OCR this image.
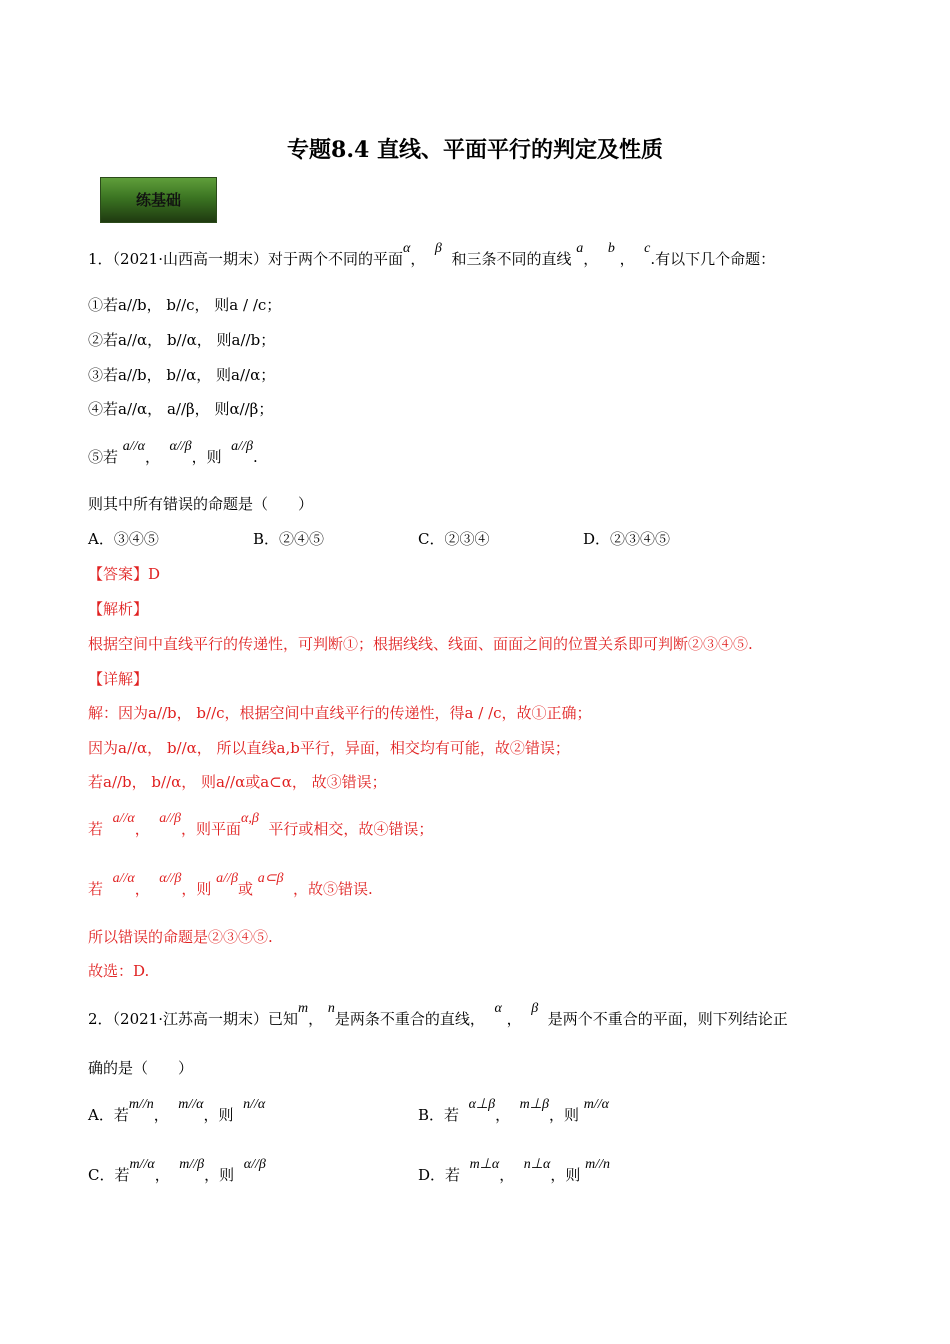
专题8.4 直线、平面平行的判定及性质
练基础
1．（2021·山西高一期末）对于两个不同的平面α，  β  和三条不同的直线 a，  b ，  c.有以下几个命题：
①若a//b， b//c， 则a / /c；
②若a//α， b//α， 则a//b；
③若a//b， b//α， 则a//α；
④若a//α， a//β， 则α//β；
⑤若 a//α，  α//β，则  a//β.
则其中所有错误的命题是（　　）
A．③④⑤	B．②④⑤	C．②③④	D．②③④⑤
【答案】D
【解析】
根据空间中直线平行的传递性，可判断①；根据线线、线面、面面之间的位置关系即可判断②③④⑤.
【详解】
解：因为a//b， b//c，根据空间中直线平行的传递性，得a / /c，故①正确；
因为a//α， b//α， 所以直线a,b平行，异面，相交均有可能，故②错误；
若a//b， b//α， 则a//α或a⊂α， 故③错误；
若  a//α，  a//β，则平面α,β  平行或相交，故④错误；
若  a//α，  α//β，则 a//β或 a⊂β  ，故⑤错误.
所以错误的命题是②③④⑤.
故选：D.
2．（2021·江苏高一期末）已知m， n是两条不重合的直线，  α ，  β  是两个不重合的平面，则下列结论正
确的是（　　）
A．若m//n，  m//α，则  n//α
B．若  α⊥β，  m⊥β，则 m//α
C．若m//α，  m//β，则  α//β
D．若  m⊥α，  n⊥α，则 m//n
